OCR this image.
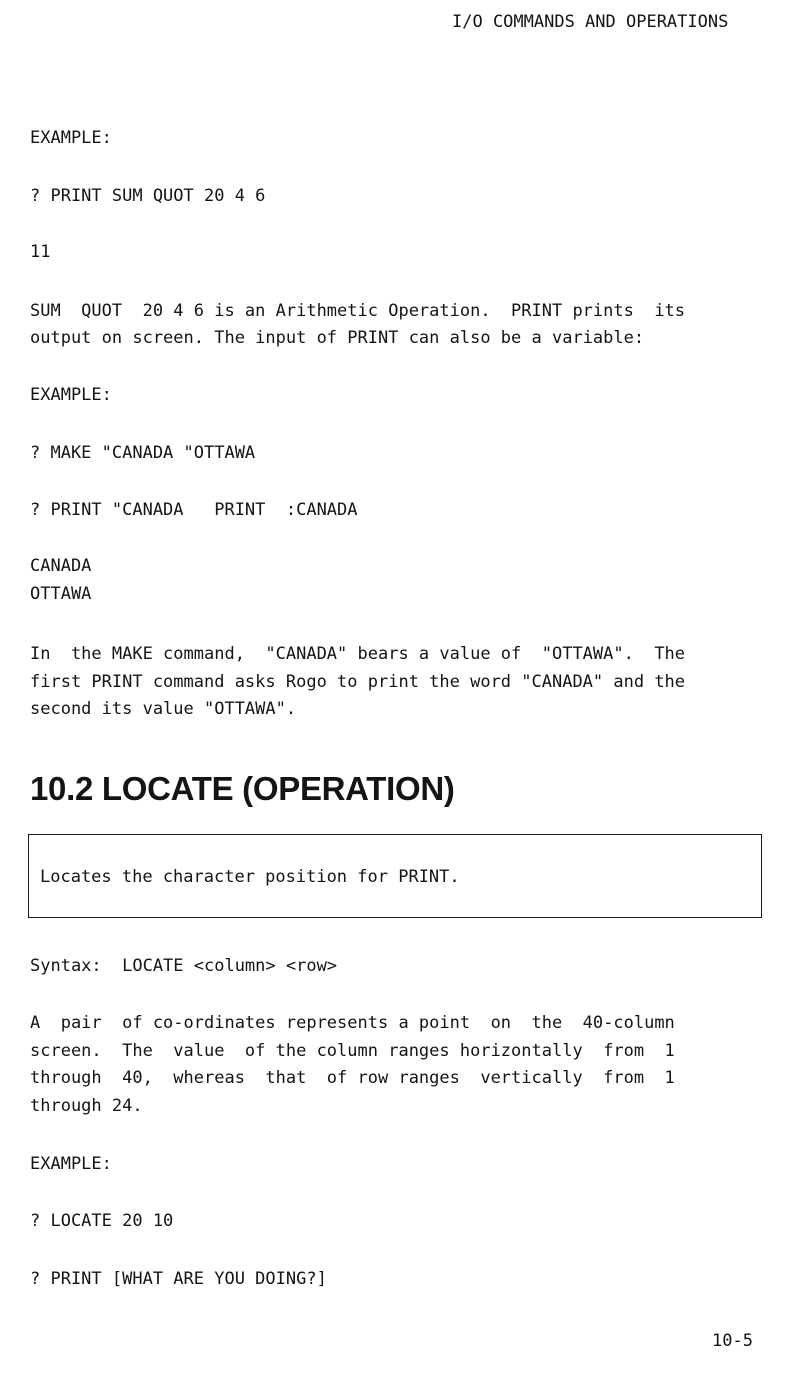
I/O COMMANDS AND OPERATIONS
EXAMPLE:
? PRINT SUM QUOT 20 4 6
11
SUM  QUOT  20 4 6 is an Arithmetic Operation.  PRINT prints  its
output on screen. The input of PRINT can also be a variable:
EXAMPLE:
? MAKE "CANADA "OTTAWA
? PRINT "CANADA   PRINT  :CANADA
CANADA
OTTAWA
In  the MAKE command,  "CANADA" bears a value of  "OTTAWA".  The
first PRINT command asks Rogo to print the word "CANADA" and the
second its value "OTTAWA".
10.2 LOCATE (OPERATION)
Locates the character position for PRINT.
Syntax:  LOCATE <column> <row>
A  pair  of co-ordinates represents a point  on  the  40-column
screen.  The  value  of the column ranges horizontally  from  1
through  40,  whereas  that  of row ranges  vertically  from  1
through 24.
EXAMPLE:
? LOCATE 20 10
? PRINT [WHAT ARE YOU DOING?]
10-5
